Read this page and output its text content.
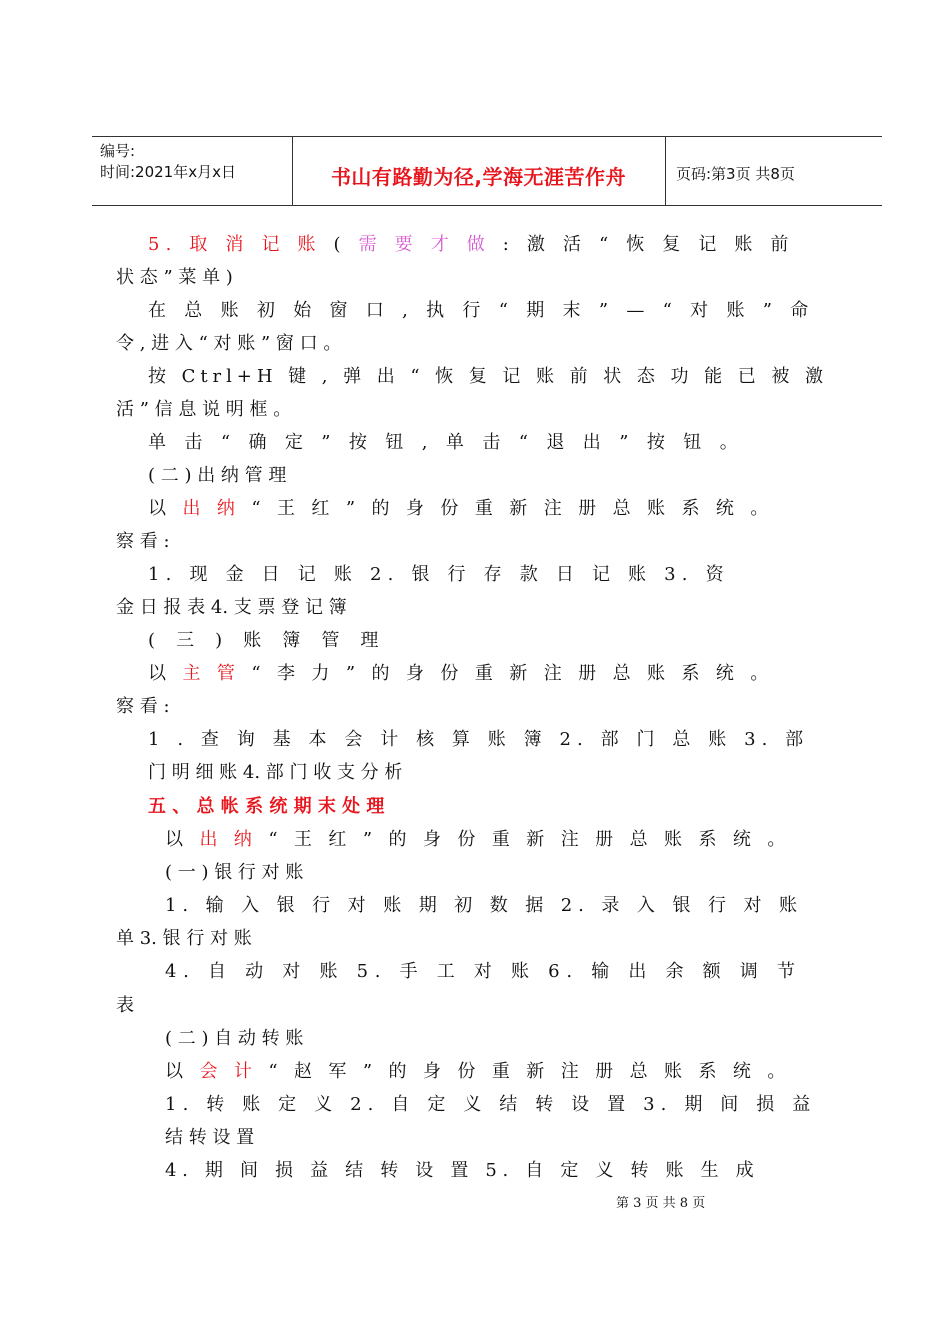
编号:
时间:2021年x月x日	书山有路勤为径,学海无涯苦作舟	页码:第3页 共8页
5. 取 消 记 账 ( 需 要 才 做 : 激 活 “ 恢 复 记 账 前
状 态 ” 菜 单 )
在 总 账 初 始 窗 口 , 执 行 “ 期 末 ” — “ 对 账 ” 命
令 , 进 入 “ 对 账 ” 窗 口 。
按 Ctrl+H 键 , 弹 出 “ 恢 复 记 账 前 状 态 功 能 已 被 激
活 ” 信 息 说 明 框 。
单 击 “ 确 定 ” 按 钮 , 单 击 “ 退 出 ” 按 钮 。
( 二 ) 出 纳 管 理
以 出 纳 “ 王 红 ” 的 身 份 重 新 注 册 总 账 系 统 。
察 看 :
1. 现 金 日 记 账 2. 银 行 存 款 日 记 账 3. 资
金 日 报 表 4. 支 票 登 记 簿
( 三 ) 账 簿 管 理
以 主 管 “ 李 力 ” 的 身 份 重 新 注 册 总 账 系 统 。
察 看 :
1 . 查 询 基 本 会 计 核 算 账 簿 2. 部 门 总 账 3. 部
门 明 细 账 4. 部 门 收 支 分 析
五 、 总 帐 系 统 期 末 处 理
以 出 纳 “ 王 红 ” 的 身 份 重 新 注 册 总 账 系 统 。
( 一 ) 银 行 对 账
1. 输 入 银 行 对 账 期 初 数 据 2. 录 入 银 行 对 账
单 3. 银 行 对 账
4. 自 动 对 账 5. 手 工 对 账 6. 输 出 余 额 调 节
表
( 二 ) 自 动 转 账
以 会 计 “ 赵 军 ” 的 身 份 重 新 注 册 总 账 系 统 。
1. 转 账 定 义 2. 自 定 义 结 转 设 置 3. 期 间 损 益
结 转 设 置
4. 期 间 损 益 结 转 设 置 5. 自 定 义 转 账 生 成
第 3 页 共 8 页
